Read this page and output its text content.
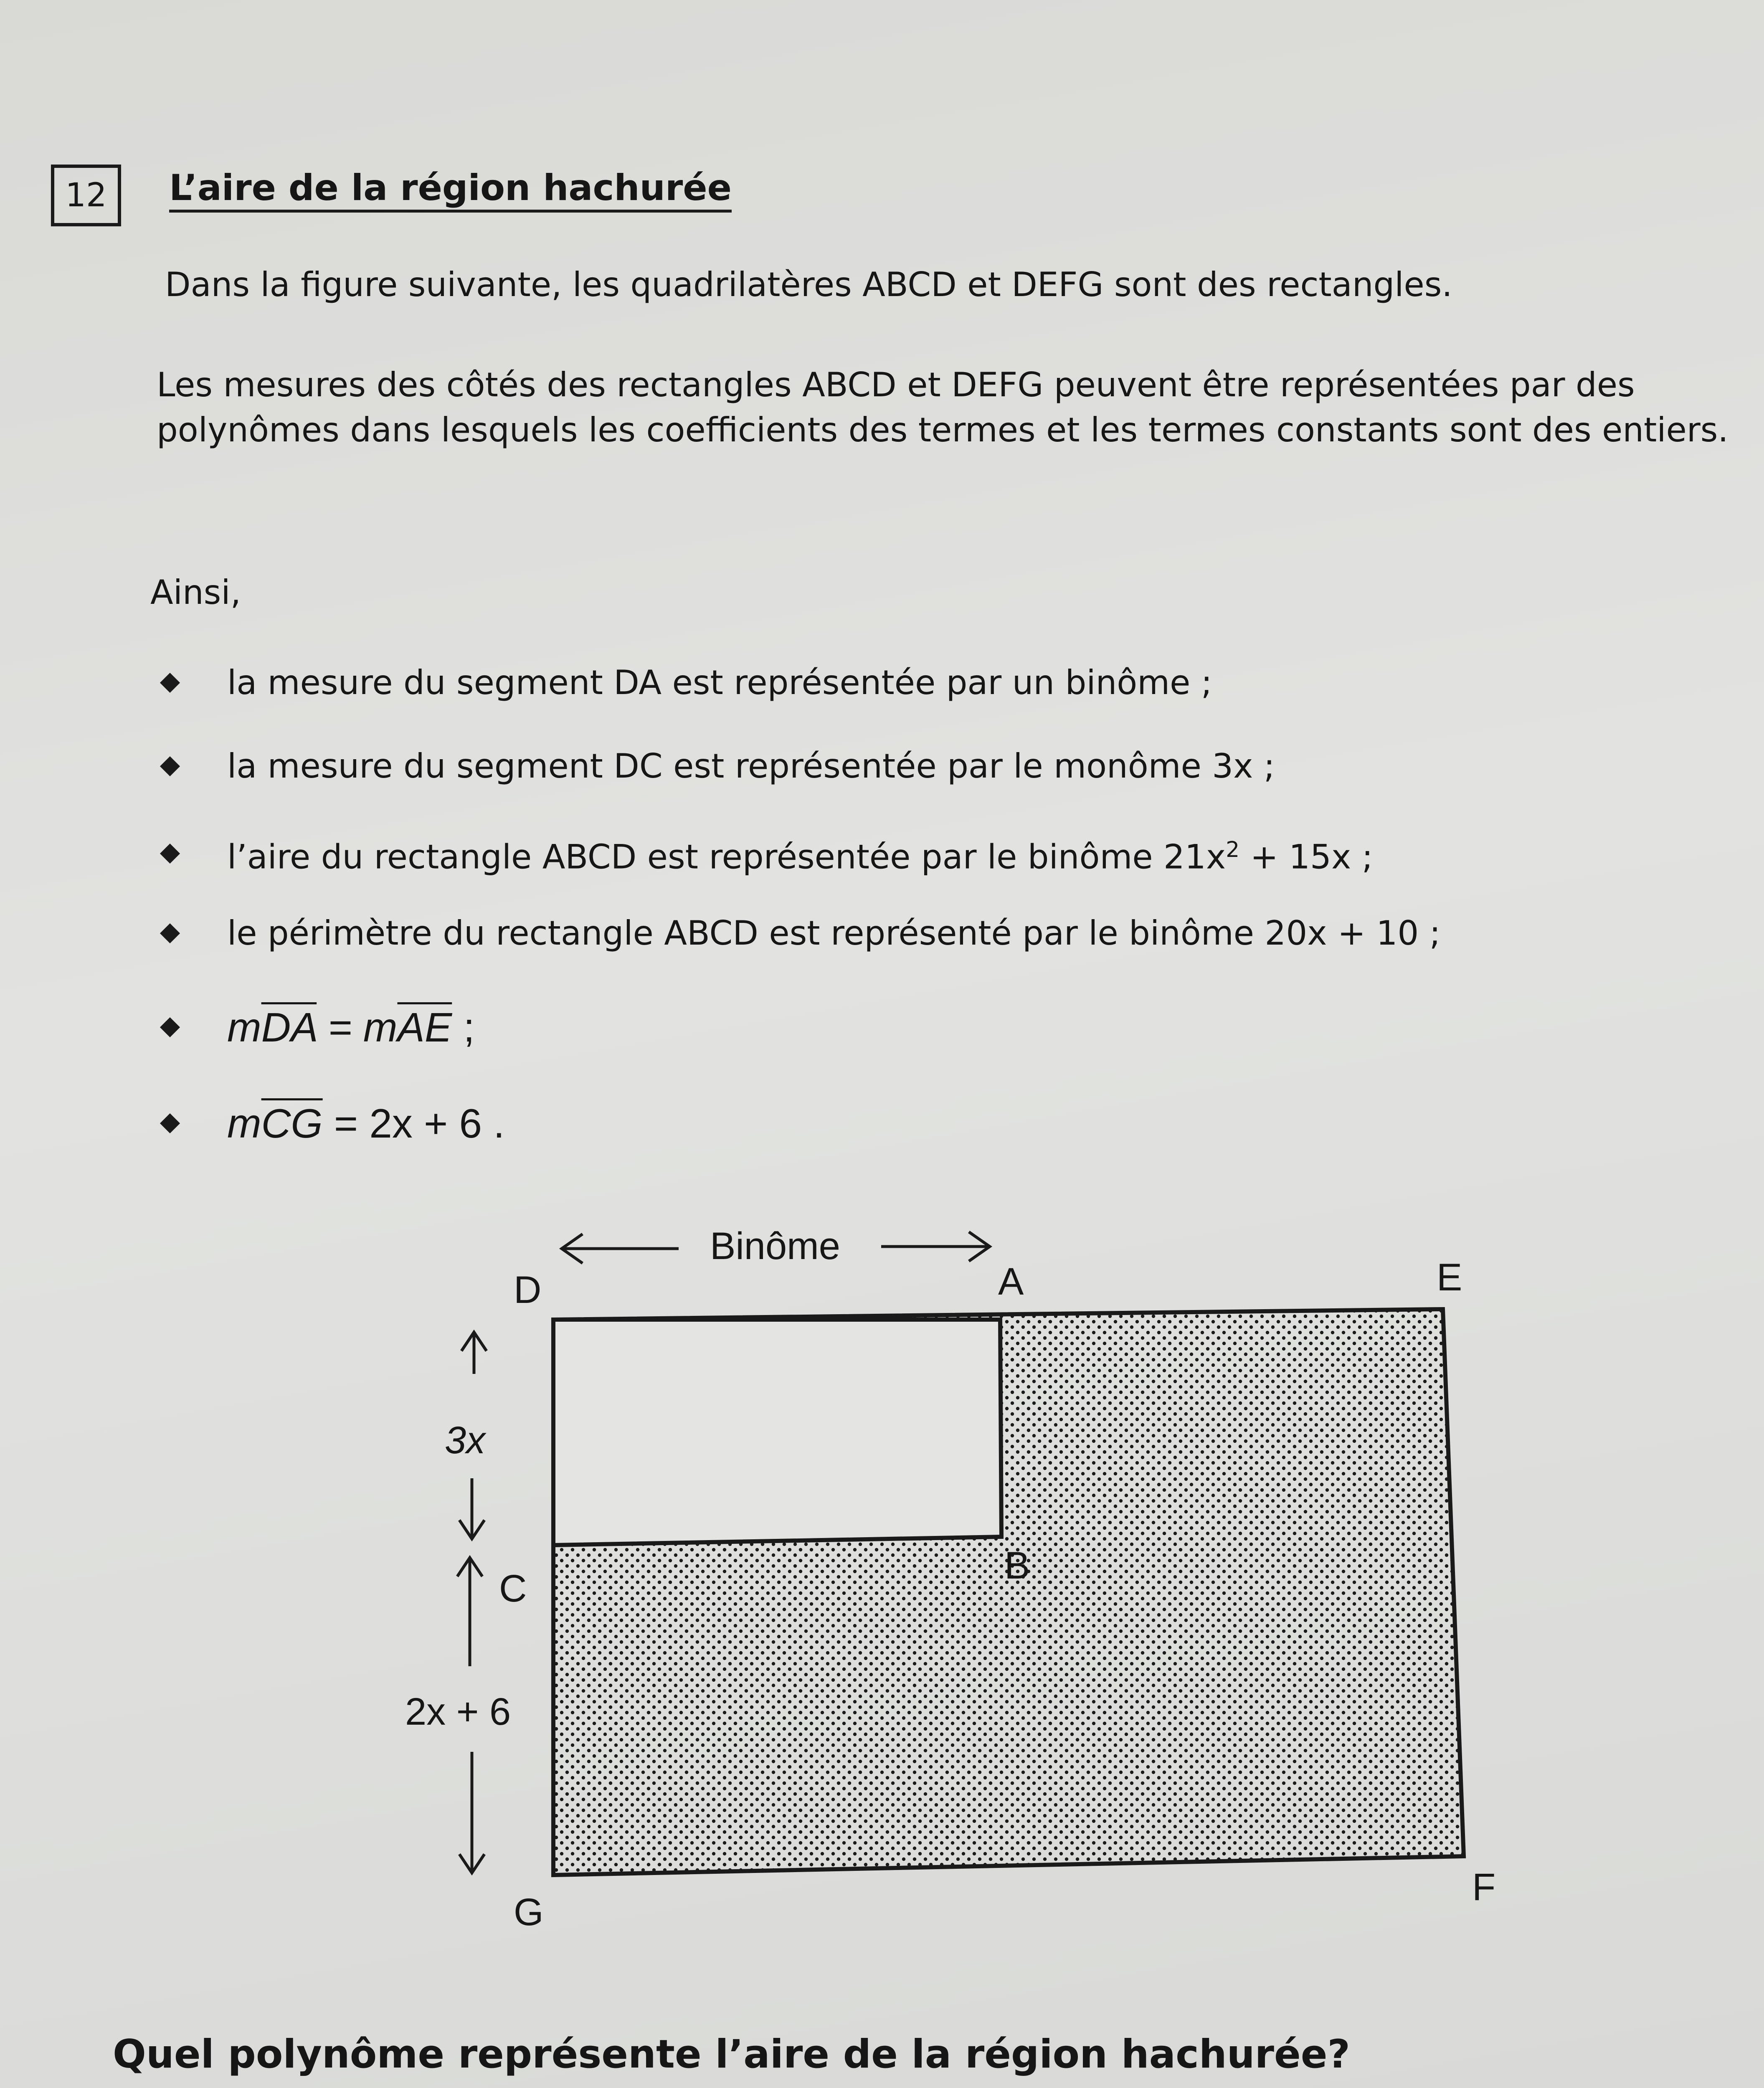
12 L’aire de la région hachurée
Dans la figure suivante, les quadrilatères ABCD et DEFG sont des rectangles.
Les mesures des côtés des rectangles ABCD et DEFG peuvent être représentées par des polynômes dans lesquels les coefficients des termes et les termes constants sont des entiers.
Ainsi,
la mesure du segment DA est représentée par un binôme ;
la mesure du segment DC est représentée par le monôme 3x ;
l’aire du rectangle ABCD est représentée par le binôme $21x^2 + 15x$ ;
le périmètre du rectangle ABCD est représenté par le binôme 20x + 10 ;
$m\overline{DA} = m\overline{AE}$ ;
$m\overline{CG} = 2x + 6$ .
Binôme
D	A	E
B
C
G
F
3x
2x + 6
Quel polynôme représente l’aire de la région hachurée?
